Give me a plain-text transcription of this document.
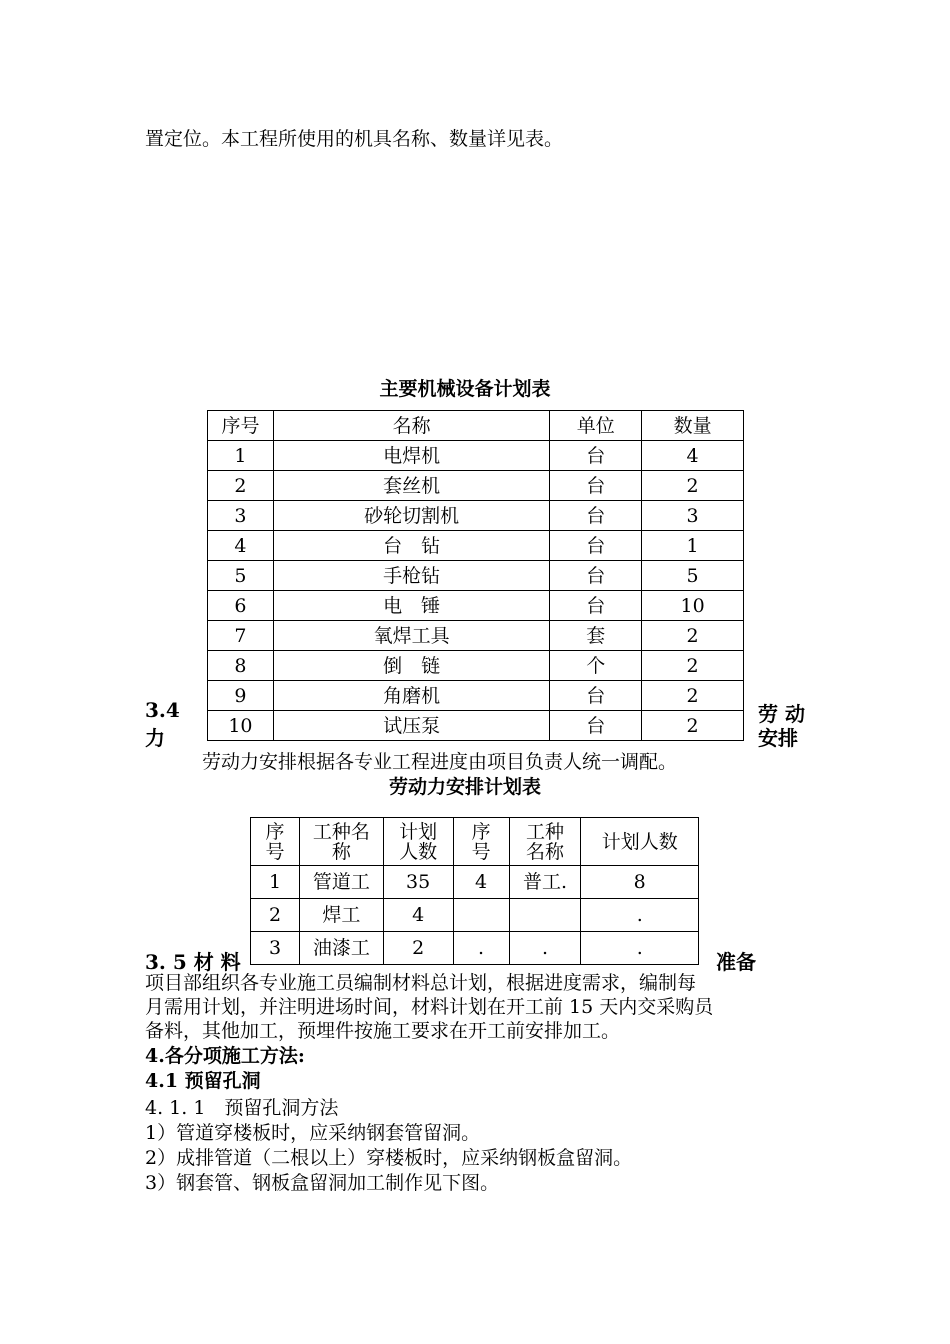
置定位。本工程所使用的机具名称、数量详见表。
主要机械设备计划表
序号	名称	单位	数量
1	电焊机	台	4
2	套丝机	台	2
3	砂轮切割机	台	3
4	台　钻	台	1
5	手枪钻	台	5
6	电　锤	台	10
7	氧焊工具	套	2
8	倒　链	个	2
9	角磨机	台	2
10	试压泵	台	2
3.4
力
劳 动
安排
劳动力安排根据各专业工程进度由项目负责人统一调配。
劳动力安排计划表
序号	工种名称	计划人数	序号	工种名称	计划人数
1	管道工	35	4	普工.	8
2	焊工	4			.
3	油漆工	2	.	.	.
3. 5 材 料	准备
项目部组织各专业施工员编制材料总计划，根据进度需求，编制每
月需用计划，并注明进场时间，材料计划在开工前 15 天内交采购员
备料，其他加工，预埋件按施工要求在开工前安排加工。
4.各分项施工方法:
4.1 预留孔洞
4. 1. 1　预留孔洞方法
1）管道穿楼板时，应采纳钢套管留洞。
2）成排管道（二根以上）穿楼板时，应采纳钢板盒留洞。
3）钢套管、钢板盒留洞加工制作见下图。
